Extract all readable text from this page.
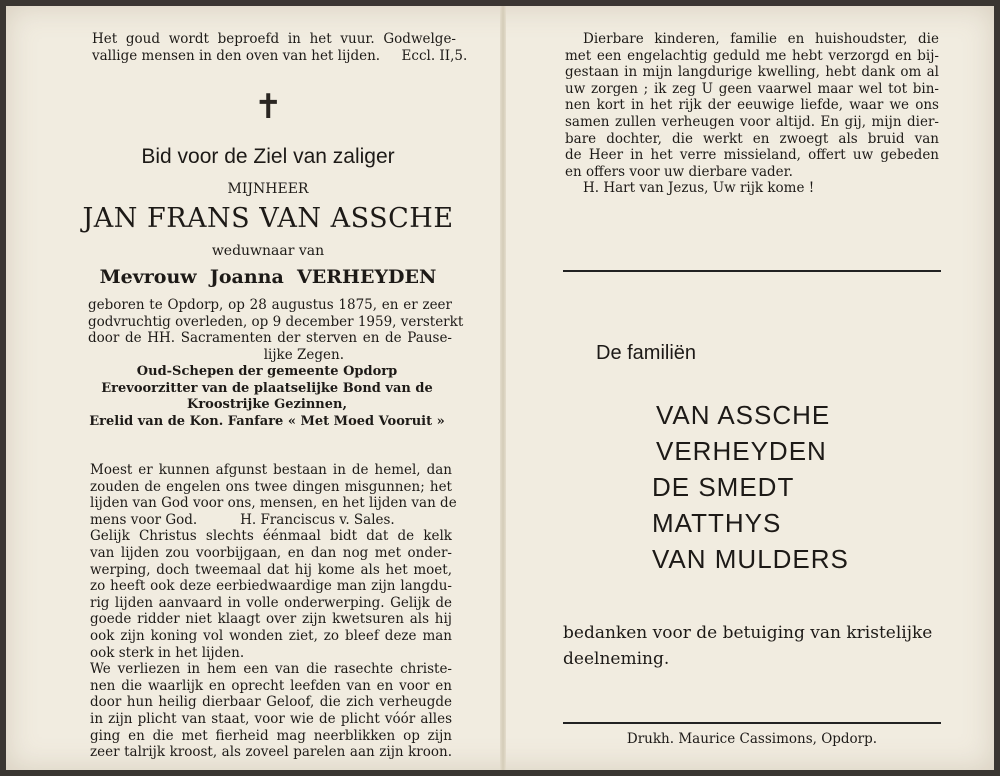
Het goud wordt beproefd in het vuur. Godwelge-
vallige mensen in den oven van het lijden.     Eccl. II,5.
✝
Bid voor de Ziel van zaliger
MIJNHEER
JAN FRANS VAN ASSCHE
weduwnaar van
Mevrouw  Joanna  VERHEYDEN
geboren te Opdorp, op 28 augustus 1875, en er zeer
godvruchtig overleden, op 9 december 1959, versterkt
door de HH. Sacramenten der sterven en de Pause-
lijke Zegen.
Oud-Schepen der gemeente Opdorp
Erevoorzitter van de plaatselijke Bond van de
Kroostrijke Gezinnen,
Erelid van de Kon. Fanfare « Met Moed Vooruit »
Moest er kunnen afgunst bestaan in de hemel, dan
zouden de engelen ons twee dingen misgunnen; het
lijden van God voor ons, mensen, en het lijden van de
mens voor God.          H. Franciscus v. Sales.
Gelijk Christus slechts éénmaal bidt dat de kelk
van lijden zou voorbijgaan, en dan nog met onder-
werping, doch tweemaal dat hij kome als het moet,
zo heeft ook deze eerbiedwaardige man zijn langdu-
rig lijden aanvaard in volle onderwerping. Gelijk de
goede ridder niet klaagt over zijn kwetsuren als hij
ook zijn koning vol wonden ziet, zo bleef deze man
ook sterk in het lijden.
We verliezen in hem een van die rasechte christe-
nen die waarlijk en oprecht leefden van en voor en
door hun heilig dierbaar Geloof, die zich verheugde
in zijn plicht van staat, voor wie de plicht vóór alles
ging en die met fierheid mag neerblikken op zijn
zeer talrijk kroost, als zoveel parelen aan zijn kroon.
Dierbare kinderen, familie en huishoudster, die
met een engelachtig geduld me hebt verzorgd en bij-
gestaan in mijn langdurige kwelling, hebt dank om al
uw zorgen ; ik zeg U geen vaarwel maar wel tot bin-
nen kort in het rijk der eeuwige liefde, waar we ons
samen zullen verheugen voor altijd. En gij, mijn dier-
bare dochter, die werkt en zwoegt als bruid van
de Heer in het verre missieland, offert uw gebeden
en offers voor uw dierbare vader.
H. Hart van Jezus, Uw rijk kome !
De familiën
VAN ASSCHE
VERHEYDEN
DE SMEDT
MATTHYS
VAN MULDERS
bedanken voor de betuiging van kristelijke
deelneming.
Drukh. Maurice Cassimons, Opdorp.
